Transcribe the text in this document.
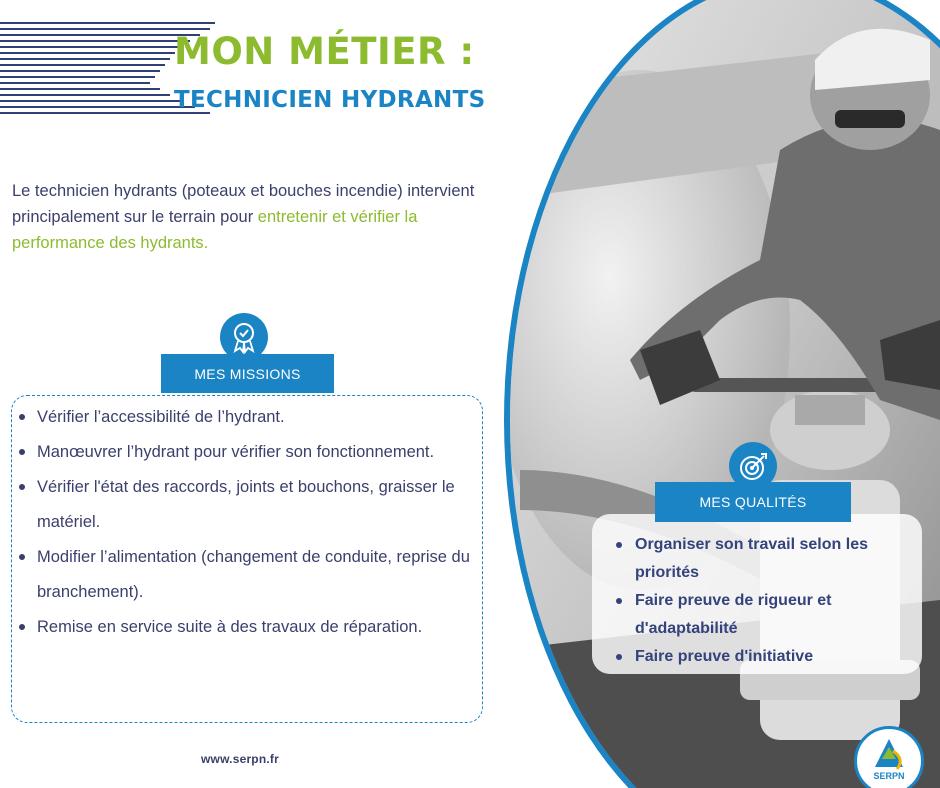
MON MÉTIER :
TECHNICIEN HYDRANTS

Le technicien hydrants (poteaux et bouches incendie) intervient principalement sur le terrain pour entretenir et vérifier la performance des hydrants.

MES MISSIONS
Vérifier l’accessibilité de l’hydrant.
Manœuvrer l’hydrant pour vérifier son fonctionnement.
Vérifier l'état des raccords, joints et bouchons, graisser le matériel.
Modifier l’alimentation (changement de conduite, reprise du branchement).
Remise en service suite à des travaux de réparation.
www.serpn.fr
MES QUALITÉS
Organiser son travail selon les priorités
Faire preuve de rigueur et d'adaptabilité
Faire preuve d'initiative
SERPN
